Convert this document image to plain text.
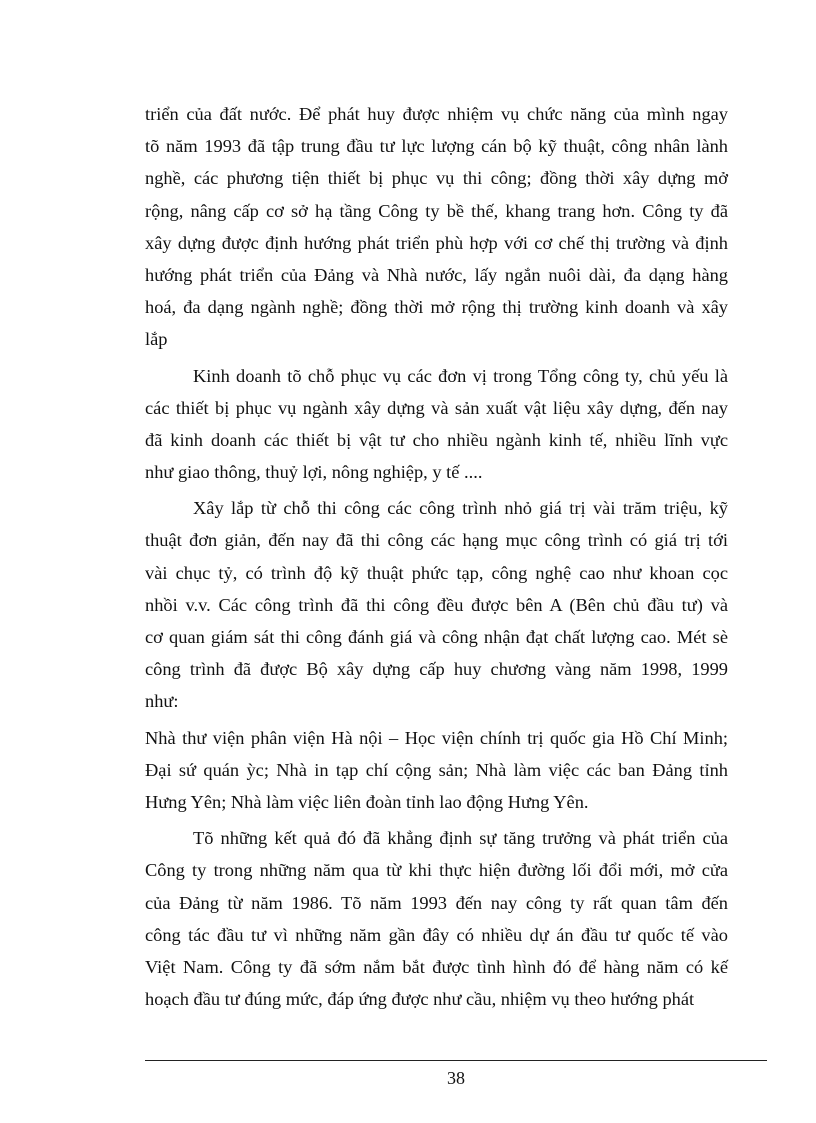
triển của đất nước. Để phát huy được nhiệm vụ chức năng của mình ngay
tõ năm 1993 đã tập trung đầu tư lực lượng cán bộ kỹ thuật, công nhân lành
nghề, các phương tiện thiết bị phục vụ thi công; đồng thời xây dựng mở
rộng, nâng cấp cơ sở hạ tầng Công ty bề thế, khang trang hơn. Công ty đã
xây dựng được định hướng phát triển phù hợp với cơ chế thị trường và định
hướng phát triển của Đảng và Nhà nước, lấy ngắn nuôi dài, đa dạng hàng
hoá, đa dạng ngành nghề; đồng thời mở rộng thị trường kinh doanh và xây
lắp
Kinh doanh tõ chỗ phục vụ các đơn vị trong Tổng công ty, chủ yếu là
các thiết bị phục vụ ngành xây dựng và sản xuất vật liệu xây dựng, đến nay
đã kinh doanh các thiết bị vật tư cho nhiều ngành kinh tế, nhiều lĩnh vực
như giao thông, thuỷ lợi, nông nghiệp, y tế ....
Xây lắp từ chỗ thi công các công trình nhỏ giá trị vài trăm triệu, kỹ
thuật đơn giản, đến nay đã thi công các hạng mục công trình có giá trị tới
vài chục tỷ, có trình độ kỹ thuật phức tạp, công nghệ cao như khoan cọc
nhồi v.v. Các công trình đã thi công đều được bên A (Bên chủ đầu tư) và
cơ quan giám sát thi công đánh giá và công nhận đạt chất lượng cao. Mét sè
công trình đã được Bộ xây dựng cấp huy chương vàng năm 1998, 1999
như:
Nhà thư viện phân viện Hà nội – Học viện chính trị quốc gia Hồ Chí Minh;
Đại sứ quán ỳc; Nhà in tạp chí cộng sản; Nhà làm việc các ban Đảng tỉnh
Hưng Yên; Nhà làm việc liên đoàn tỉnh lao động Hưng Yên.
Tõ những kết quả đó đã khẳng định sự tăng trưởng và phát triển của
Công ty trong những năm qua từ khi thực hiện đường lối đổi mới, mở cửa
của Đảng từ năm 1986. Tõ năm 1993 đến nay công ty rất quan tâm đến
công tác đầu tư vì những năm gần đây có nhiều dự án đầu tư quốc tế vào
Việt Nam. Công ty đã sớm nắm bắt được tình hình đó để hàng năm có kế
hoạch đầu tư đúng mức, đáp ứng được như cầu, nhiệm vụ theo hướng phát
38
